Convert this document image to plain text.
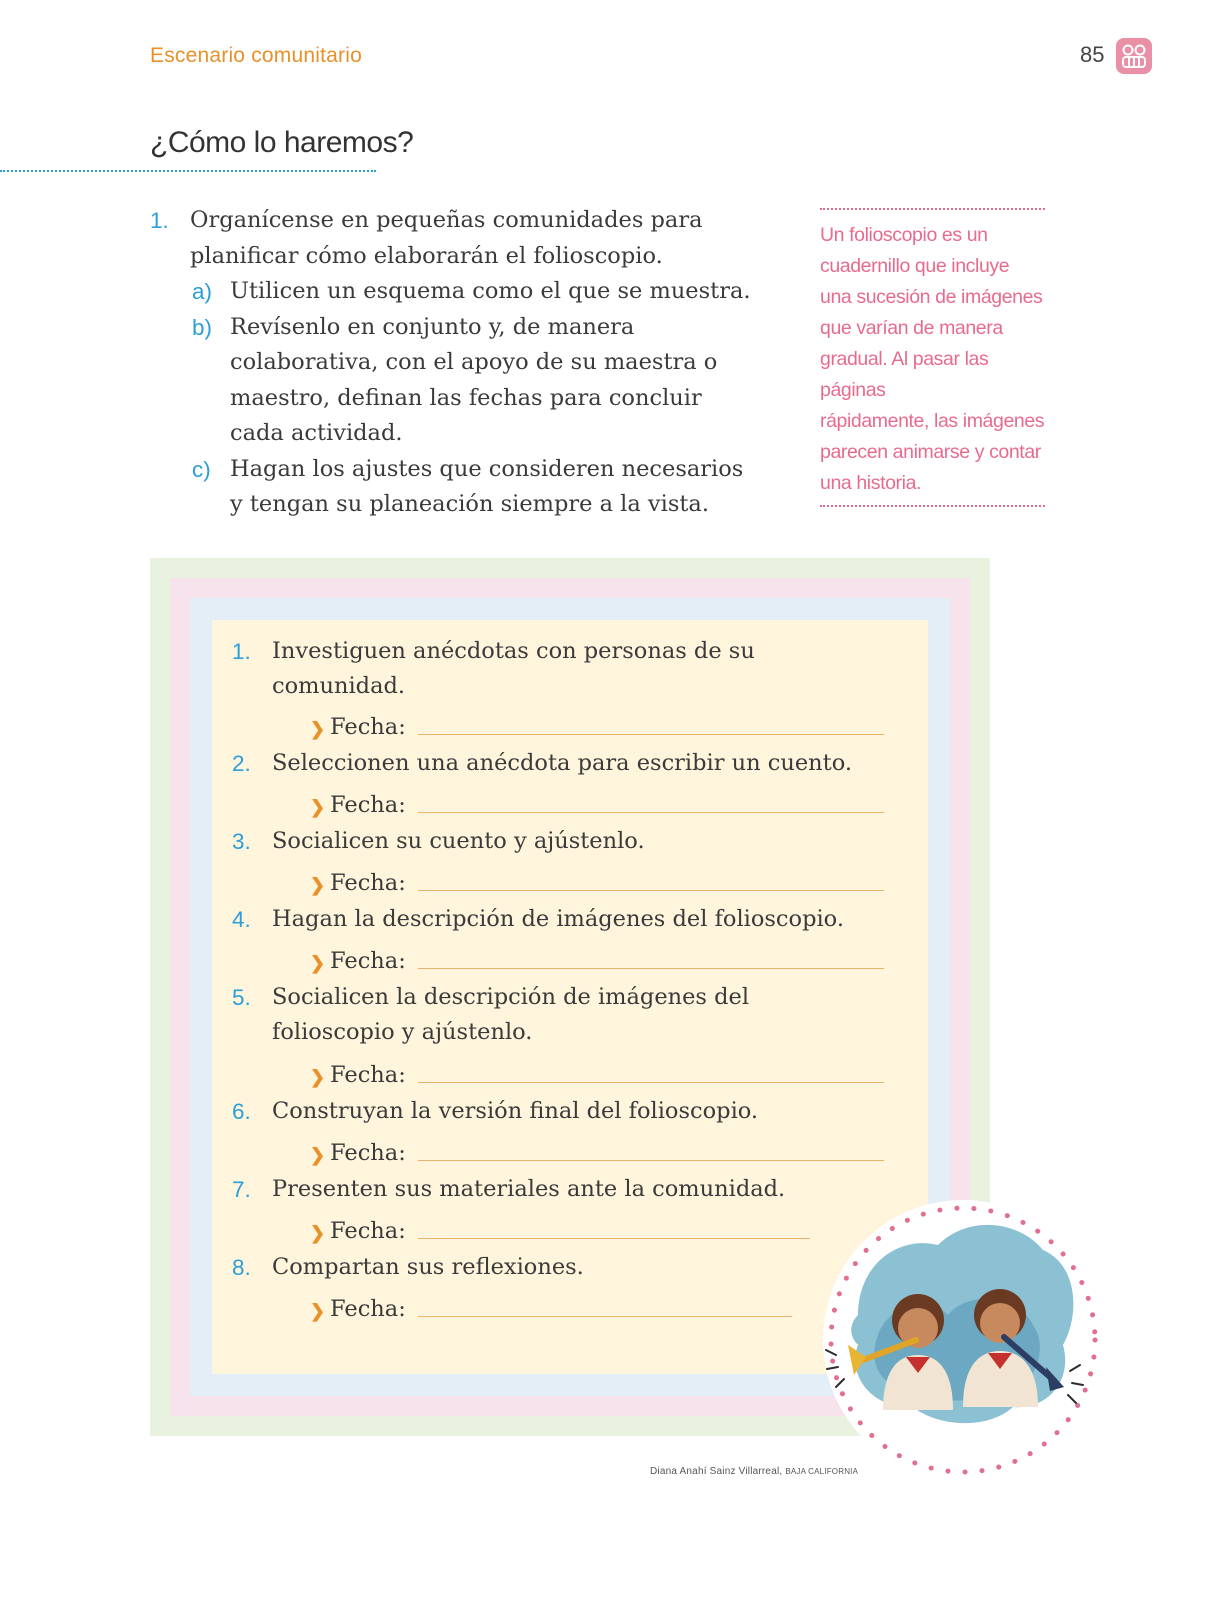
Escenario comunitario	85
¿Cómo lo haremos?
1. Organícense en pequeñas comunidades para
planificar cómo elaborarán el folioscopio.
a) Utilicen un esquema como el que se muestra.
b) Revísenlo en conjunto y, de manera
colaborativa, con el apoyo de su maestra o
maestro, definan las fechas para concluir
cada actividad.
c) Hagan los ajustes que consideren necesarios
y tengan su planeación siempre a la vista.
Un folioscopio es un
cuadernillo que incluye
una sucesión de imágenes
que varían de manera
gradual. Al pasar las páginas
rápidamente, las imágenes
parecen animarse y contar
una historia.
1. Investiguen anécdotas con personas de su
comunidad.
❯ Fecha:
2. Seleccionen una anécdota para escribir un cuento.
❯ Fecha:
3. Socialicen su cuento y ajústenlo.
❯ Fecha:
4. Hagan la descripción de imágenes del folioscopio.
❯ Fecha:
5. Socialicen la descripción de imágenes del
folioscopio y ajústenlo.
❯ Fecha:
6. Construyan la versión final del folioscopio.
❯ Fecha:
7. Presenten sus materiales ante la comunidad.
❯ Fecha:
8. Compartan sus reflexiones.
❯ Fecha:
Diana Anahí Sainz Villarreal, BAJA CALIFORNIA
